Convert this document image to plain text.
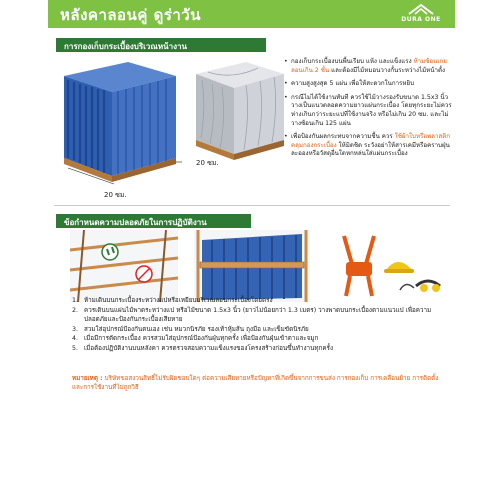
หลังคาลอนคู่ ดูร่าวัน	DURA ONE
การกองเก็บกระเบื้องบริเวณหน้างาน
20 ซม.
20 ซม.
• กองเก็บกระเบื้องบนพื้นเรียบ แห้ง และแข็งแรง ห้ามซ้อนเกยลอนเกิน 2 ชั้น และต้องมีไม้หมอนวางกั้นระหว่างไม้หน้าตั้ง
• ความสูงสูงสุด 5 แผ่น เพื่อให้สะดวกในการหยิบ
• กรณีไม่ได้ใช้งานทันที ควรใช้ไม้วางรองรับขนาด 1.5x3 นิ้ว วางเป็นแนวตลอดความยาวแผ่นกระเบื้อง โดยทุกระยะไม่ควรห่างเกินกว่าระยะแปที่ใช้งานจริง หรือไม่เกิน 20 ซม. และไม่วางซ้อนเกิน 125 แผ่น
• เพื่อป้องกันผลกระทบจากความชื้น ควร ใช้ผ้าใบหรือพลาสติกคลุมกองกระเบื้อง ให้มิดชิด ระวังอย่าให้สารเคมีหรือคราบฝุ่นละอองหรือวัสดุอื่นใดหกหล่นใส่แผ่นกระเบื้อง
ข้อกำหนดความปลอดภัยในการปฏิบัติงาน
1. ห้ามเดินบนกระเบื้องระหว่างแปหรือเหยียบบริเวณลอนกระเบื้องโดยตรง
2. ควรเดินบนแผ่นไม้พาดระหว่างแป หรือไม้ขนาด 1.5x3 นิ้ว (ยาวไม่น้อยกว่า 1.3 เมตร) วางพาดบนกระเบื้องตามแนวแป เพื่อความปลอดภัยและป้องกันกระเบื้องเสียหาย
3. สวมใส่อุปกรณ์ป้องกันตนเอง เช่น หมวกนิรภัย รองเท้าหุ้มส้น ถุงมือ และเข็มขัดนิรภัย
4. เมื่อมีการตัดกระเบื้อง ควรสวมใส่อุปกรณ์ป้องกันฝุ่นทุกครั้ง เพื่อป้องกันฝุ่นเข้าตาและจมูก
5. เมื่อต้องปฏิบัติงานบนหลังคา ควรตรวจสอบความแข็งแรงของโครงสร้างก่อนขึ้นทำงานทุกครั้ง
หมายเหตุ : บริษัทขอสงวนสิทธิ์ไม่รับผิดชอบใดๆ ต่อความเสียหายหรือปัญหาที่เกิดขึ้นจากการขนส่ง การกองเก็บ การเคลื่อนย้าย การติดตั้ง และการใช้งานที่ไม่ถูกวิธี
